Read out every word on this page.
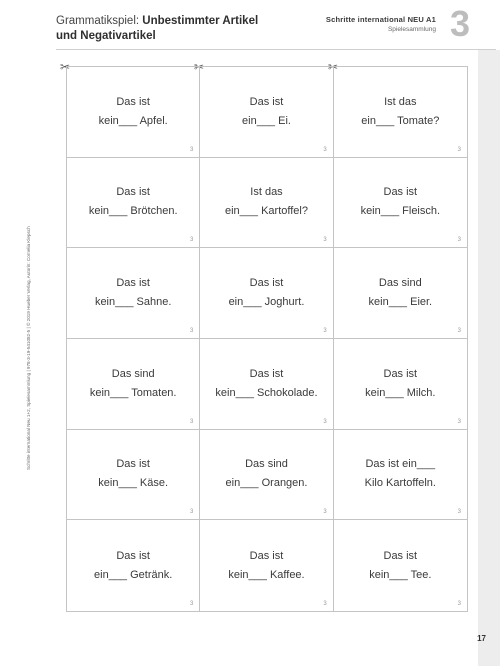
Grammatikspiel: Unbestimmter Artikel
und Negativartikel
Schritte international NEU A1
Spielesammlung 3
Schritte international Neu 1+2, Spielesammlung | 978-3-19-541082-5 | © 2019 Hueber Verlag, Autorin: Cornelia Klepsch
✂	✂	✂
Das ist
kein___ Apfel.
3
Das ist
ein___ Ei.
3
Ist das
ein___ Tomate?
3
Das ist
kein___ Brötchen.
3
Ist das
ein___ Kartoffel?
3
Das ist
kein___ Fleisch.
3
Das ist
kein___ Sahne.
3
Das ist
ein___ Joghurt.
3
Das sind
kein___ Eier.
3
Das sind
kein___ Tomaten.
3
Das ist
kein___ Schokolade.
3
Das ist
kein___ Milch.
3
Das ist
kein___ Käse.
3
Das sind
ein___ Orangen.
3
Das ist ein___
Kilo Kartoffeln.
3
Das ist
ein___ Getränk.
3
Das ist
kein___ Kaffee.
3
Das ist
kein___ Tee.
3
17
